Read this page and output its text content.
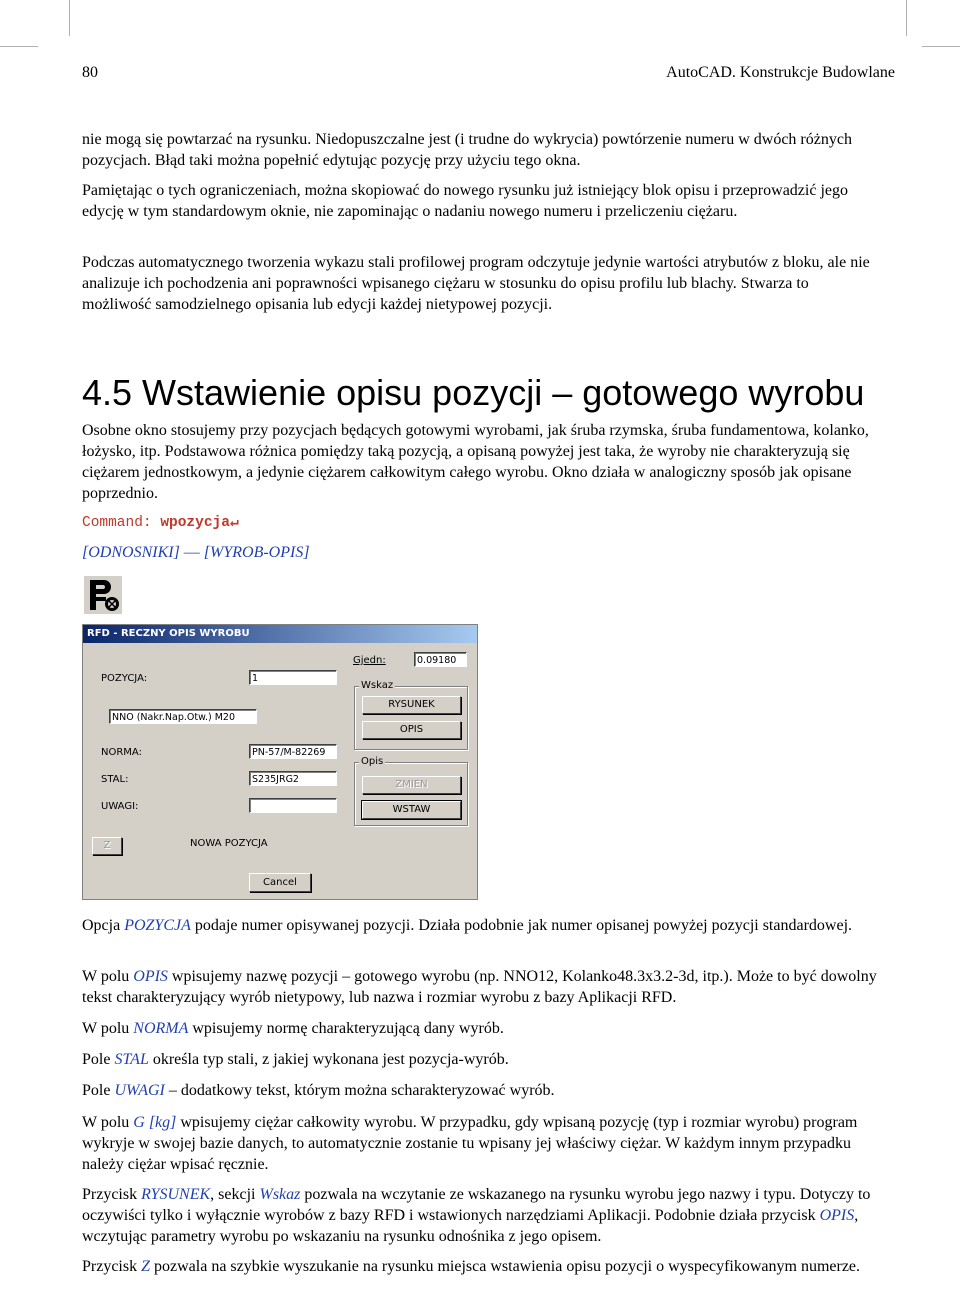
80	AutoCAD. Konstrukcje Budowlane

nie mogą się powtarzać na rysunku. Niedopuszczalne jest (i trudne do wykrycia) powtórzenie numeru w dwóch różnych pozycjach. Błąd taki można popełnić edytując pozycję przy użyciu tego okna.

Pamiętając o tych ograniczeniach, można skopiować do nowego rysunku już istniejący blok opisu i przeprowadzić jego edycję w tym standardowym oknie, nie zapominając o nadaniu nowego numeru i przeliczeniu ciężaru.

Podczas automatycznego tworzenia wykazu stali profilowej program odczytuje jedynie wartości atrybutów z bloku, ale nie analizuje ich pochodzenia ani poprawności wpisanego ciężaru w stosunku do opisu profilu lub blachy. Stwarza to możliwość samodzielnego opisania lub edycji każdej nietypowej pozycji.

4.5 Wstawienie opisu pozycji – gotowego wyrobu

Osobne okno stosujemy przy pozycjach będących gotowymi wyrobami, jak śruba rzymska, śruba fundamentowa, kolanko, łożysko, itp. Podstawowa różnica pomiędzy taką pozycją, a opisaną powyżej jest taka, że wyroby nie charakteryzują się ciężarem jednostkowym, a jedynie ciężarem całkowitym całego wyrobu. Okno działa w analogiczny sposób jak opisane poprzednio.

Command: wpozycja↵
[ODNOSNIKI] — [WYROB-OPIS]
RFD - RECZNY OPIS WYROBU
Gjedn:	0.09180
POZYCJA:	1
Wskaz
RYSUNEK
OPIS
NNO (Nakr.Nap.Otw.) M20
NORMA:	PN-57/M-82269
Opis
ZMIEN
WSTAW
STAL:	S235JRG2
UWAGI:
Z	NOWA POZYCJA
Cancel

Opcja POZYCJA podaje numer opisywanej pozycji. Działa podobnie jak numer opisanej powyżej pozycji standardowej.

W polu OPIS wpisujemy nazwę pozycji – gotowego wyrobu (np. NNO12, Kolanko48.3x3.2-3d, itp.). Może to być dowolny tekst charakteryzujący wyrób nietypowy, lub nazwa i rozmiar wyrobu z bazy Aplikacji RFD.

W polu NORMA wpisujemy normę charakteryzującą dany wyrób.

Pole STAL określa typ stali, z jakiej wykonana jest pozycja-wyrób.

Pole UWAGI – dodatkowy tekst, którym można scharakteryzować wyrób.

W polu G [kg] wpisujemy ciężar całkowity wyrobu. W przypadku, gdy wpisaną pozycję (typ i rozmiar wyrobu) program wykryje w swojej bazie danych, to automatycznie zostanie tu wpisany jej właściwy ciężar. W każdym innym przypadku należy ciężar wpisać ręcznie.

Przycisk RYSUNEK, sekcji Wskaz pozwala na wczytanie ze wskazanego na rysunku wyrobu jego nazwy i typu. Dotyczy to oczywiści tylko i wyłącznie wyrobów z bazy RFD i wstawionych narzędziami Aplikacji. Podobnie działa przycisk OPIS, wczytując parametry wyrobu po wskazaniu na rysunku odnośnika z jego opisem.

Przycisk Z pozwala na szybkie wyszukanie na rysunku miejsca wstawienia opisu pozycji o wyspecyfikowanym numerze.
